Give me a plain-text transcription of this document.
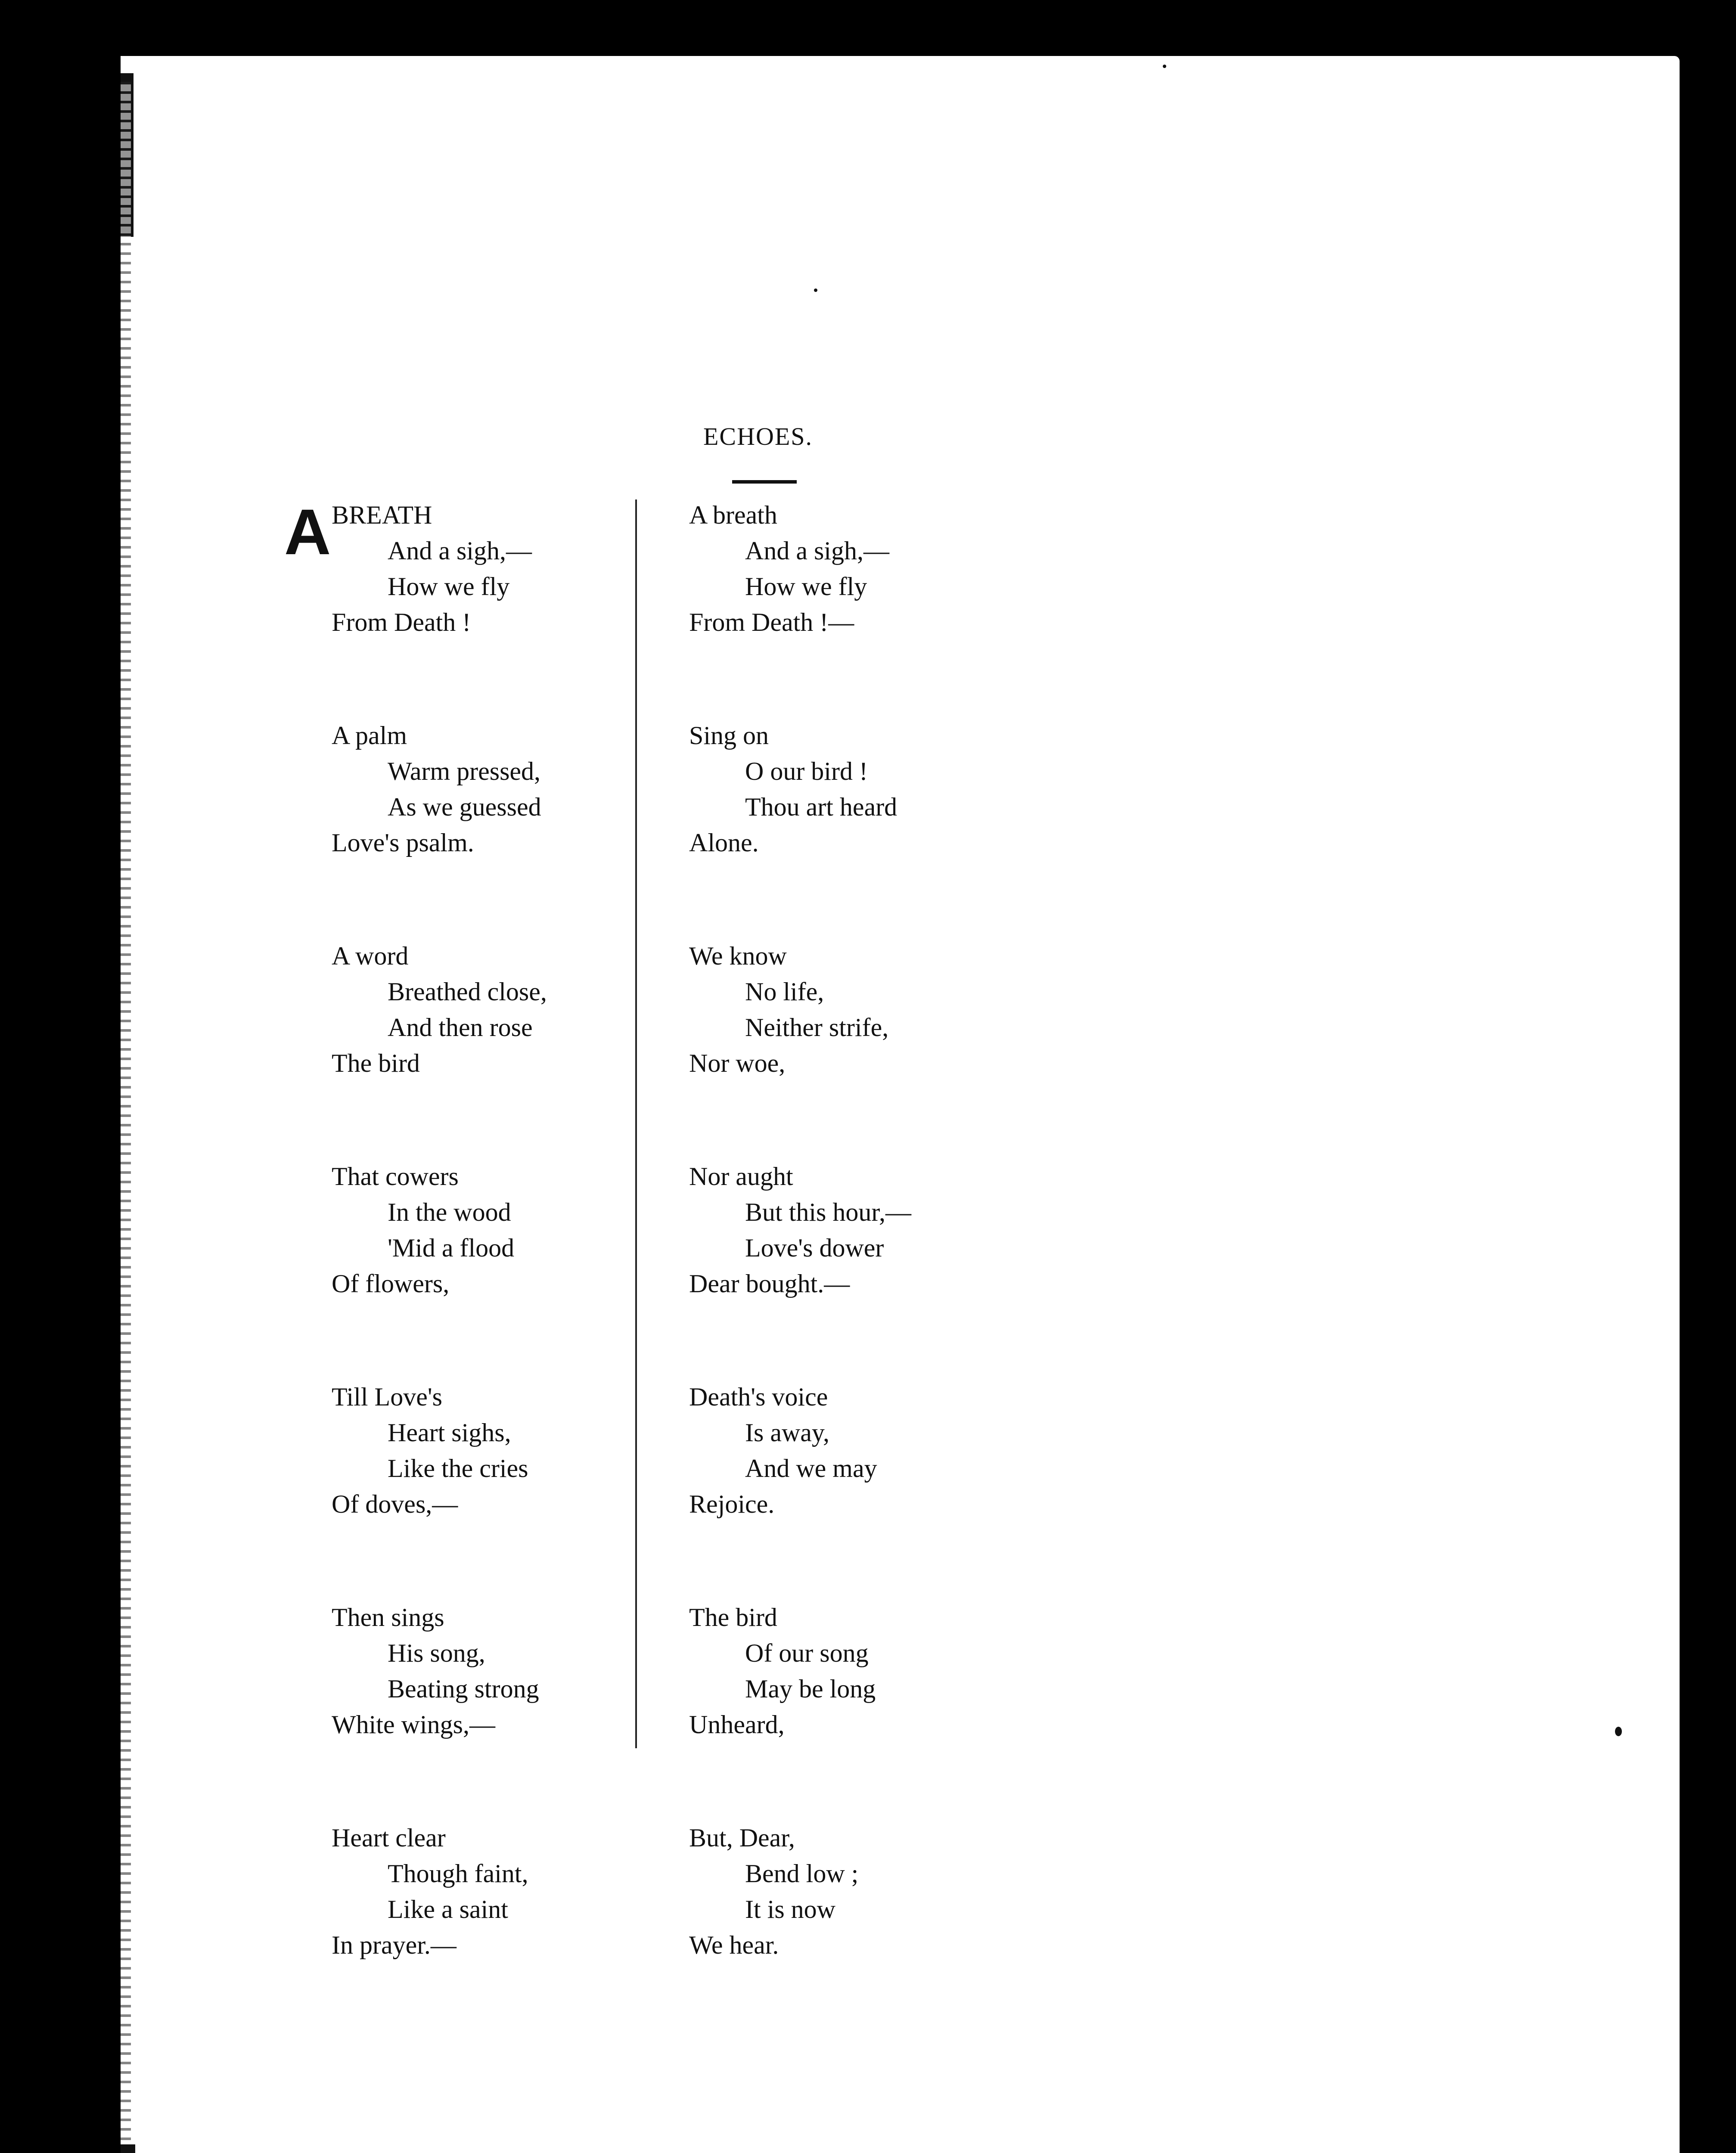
ECHOES.
A BREATH
And a sigh,—
How we fly
From Death !
A palm
Warm pressed,
As we guessed
Love's psalm.
A word
Breathed close,
And then rose
The bird
That cowers
In the wood
'Mid a flood
Of flowers,
Till Love's
Heart sighs,
Like the cries
Of doves,—
Then sings
His song,
Beating strong
White wings,—
Heart clear
Though faint,
Like a saint
In prayer.—
A breath
And a sigh,—
How we fly
From Death !—
Sing on
O our bird !
Thou art heard
Alone.
We know
No life,
Neither strife,
Nor woe,
Nor aught
But this hour,—
Love's dower
Dear bought.—
Death's voice
Is away,
And we may
Rejoice.
The bird
Of our song
May be long
Unheard,
But, Dear,
Bend low ;
It is now
We hear.
